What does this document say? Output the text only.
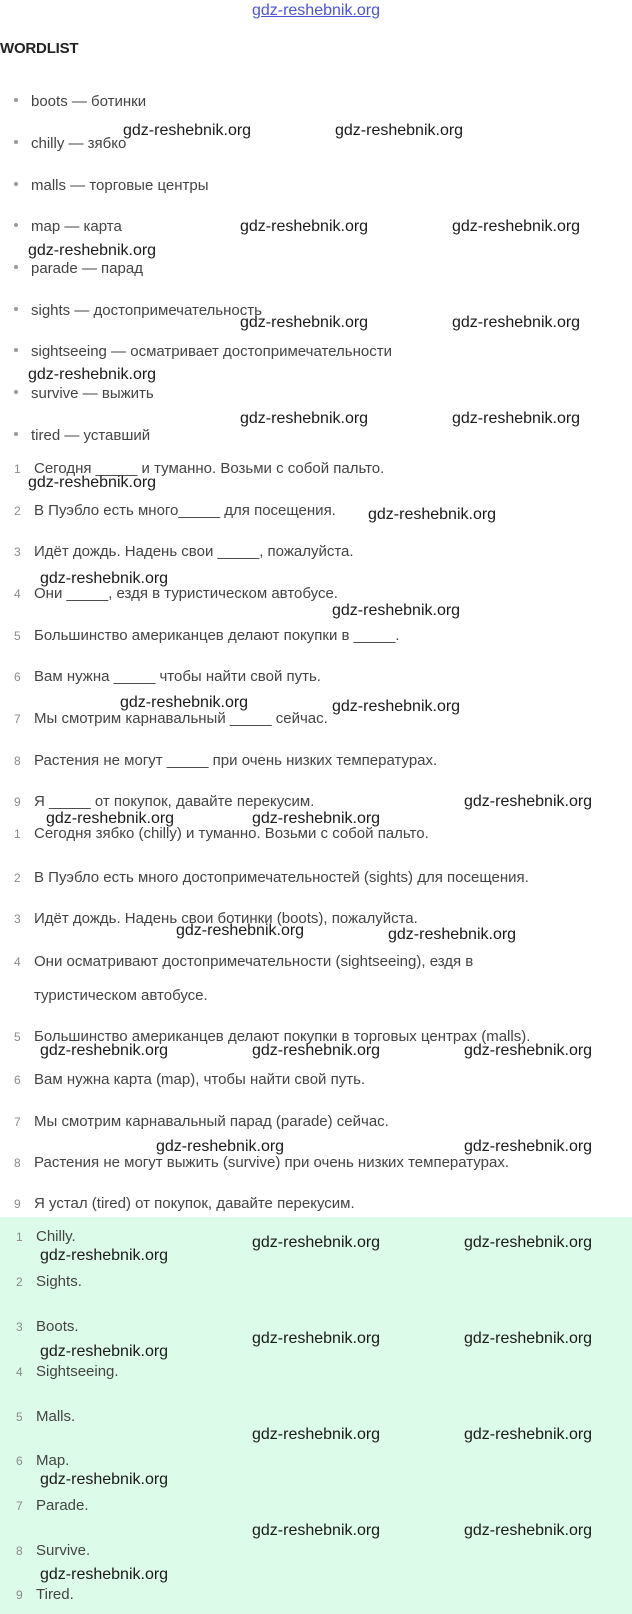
gdz-reshebnik.org
WORDLIST
boots — ботинки
chilly — зябко
malls — торговые центры
map — карта
parade — парад
sights — достопримечательность
sightseeing — осматривает достопримечательности
survive — выжить
tired — уставший
1 Сегодня _____ и туманно. Возьми с собой пальто.
2 В Пуэбло есть много_____ для посещения.
3 Идёт дождь. Надень свои _____, пожалуйста.
4 Они _____, ездя в туристическом автобусе.
5 Большинство американцев делают покупки в _____.
6 Вам нужна _____ чтобы найти свой путь.
7 Мы смотрим карнавальный _____ сейчас.
8 Растения не могут _____ при очень низких температурах.
9 Я _____ от покупок, давайте перекусим.
1 Сегодня зябко (chilly) и туманно. Возьми с собой пальто.
2 В Пуэбло есть много достопримечательностей (sights) для посещения.
3 Идёт дождь. Надень свои ботинки (boots), пожалуйста.
4 Они осматривают достопримечательности (sightseeing), ездя в
туристическом автобусе.
5 Большинство американцев делают покупки в торговых центрах (malls).
6 Вам нужна карта (map), чтобы найти свой путь.
7 Мы смотрим карнавальный парад (parade) сейчас.
8 Растения не могут выжить (survive) при очень низких температурах.
9 Я устал (tired) от покупок, давайте перекусим.
1 Chilly.
2 Sights.
3 Boots.
4 Sightseeing.
5 Malls.
6 Map.
7 Parade.
8 Survive.
9 Tired.
gdz-reshebnik.org	gdz-reshebnik.org
gdz-reshebnik.org	gdz-reshebnik.org
gdz-reshebnik.org
gdz-reshebnik.org	gdz-reshebnik.org
gdz-reshebnik.org
gdz-reshebnik.org	gdz-reshebnik.org
gdz-reshebnik.org
gdz-reshebnik.org
gdz-reshebnik.org
gdz-reshebnik.org
gdz-reshebnik.org	gdz-reshebnik.org
gdz-reshebnik.org
gdz-reshebnik.org	gdz-reshebnik.org
gdz-reshebnik.org	gdz-reshebnik.org
gdz-reshebnik.org	gdz-reshebnik.org	gdz-reshebnik.org
gdz-reshebnik.org	gdz-reshebnik.org
gdz-reshebnik.org	gdz-reshebnik.org
gdz-reshebnik.org
gdz-reshebnik.org	gdz-reshebnik.org
gdz-reshebnik.org
gdz-reshebnik.org	gdz-reshebnik.org
gdz-reshebnik.org
gdz-reshebnik.org	gdz-reshebnik.org
gdz-reshebnik.org
